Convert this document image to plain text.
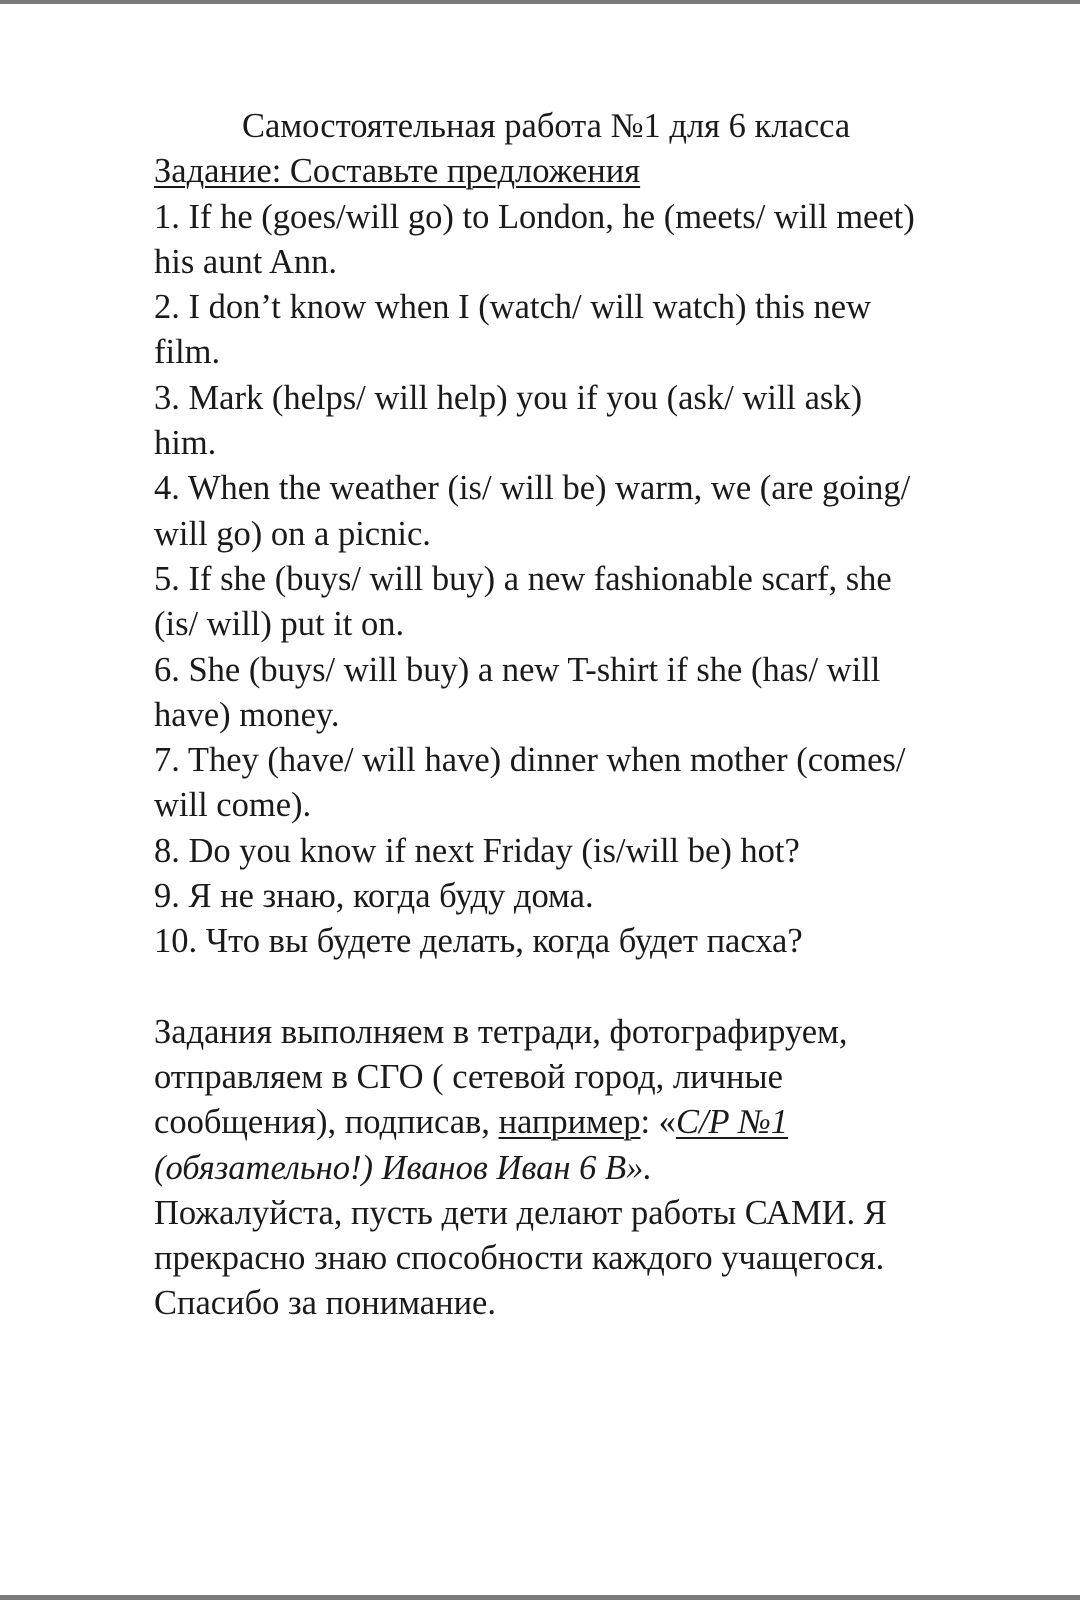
Самостоятельная работа №1 для 6 класса

Задание: Составьте предложения

1. If he (goes/will go) to London, he (meets/ will meet)

his aunt Ann.

2. I don’t know when I (watch/ will watch) this new

film.

3. Mark (helps/ will help) you if you (ask/ will ask)

him.

4. When the weather (is/ will be) warm, we (are going/

will go) on a picnic.

5. If she (buys/ will buy) a new fashionable scarf, she

(is/ will) put it on.

6. She (buys/ will buy) a new T-shirt if she (has/ will

have) money.

7. They (have/ will have) dinner when mother (comes/

will come).

8. Do you know if next Friday (is/will be) hot?

9. Я не знаю, когда буду дома.

10. Что вы будете делать, когда будет пасха?

Задания выполняем в тетради, фотографируем,

отправляем в СГО ( сетевой город, личные

сообщения), подписав, например: «С/Р №1

(обязательно!) Иванов Иван 6 В».

Пожалуйста, пусть дети делают работы САМИ. Я

прекрасно знаю способности каждого учащегося.

Спасибо за понимание.
